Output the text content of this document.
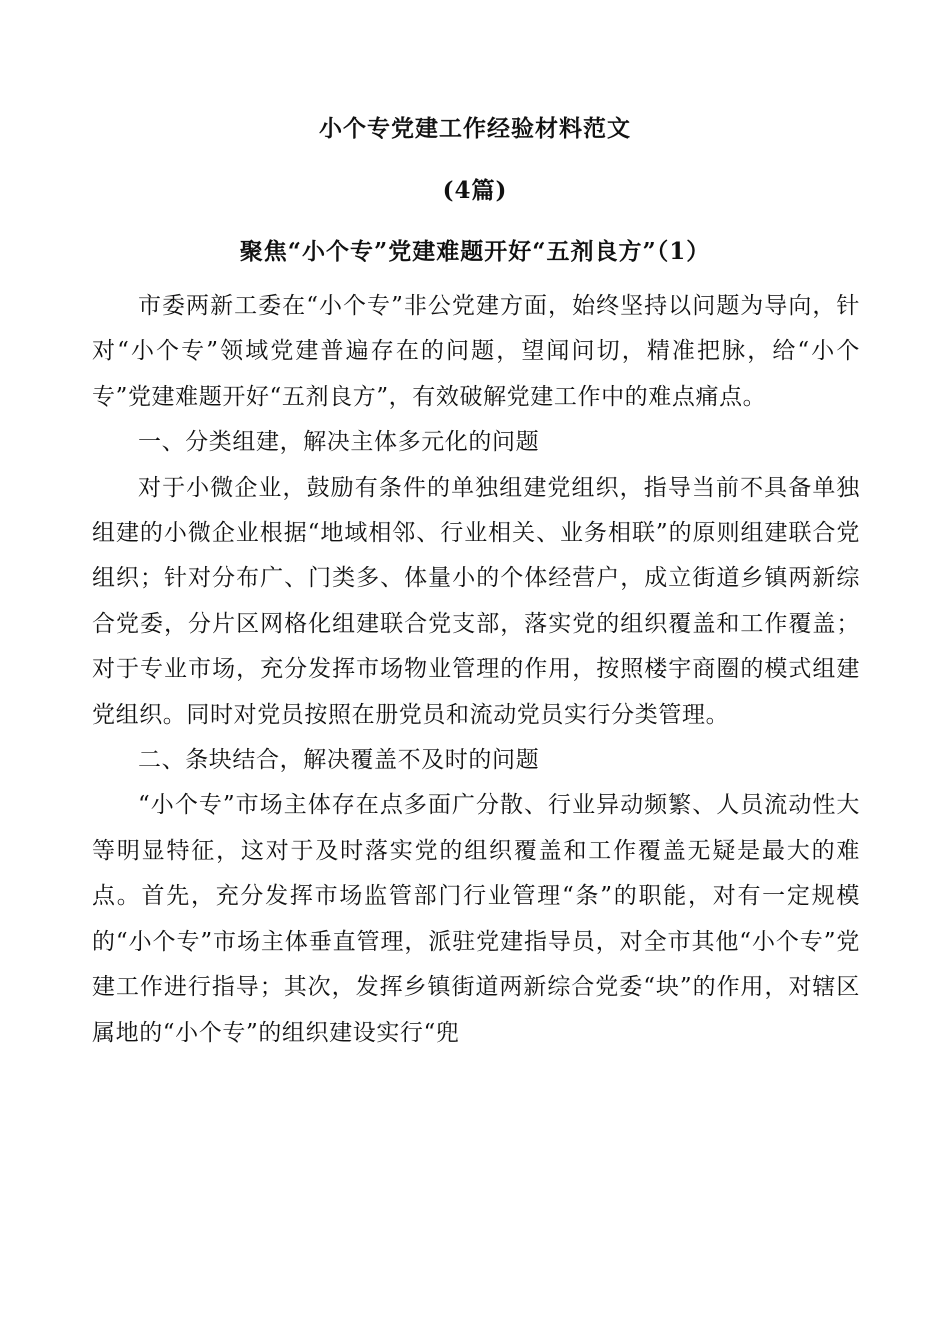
小个专党建工作经验材料范文
(4篇)
聚焦“小个专”党建难题开好“五剂良方”（1）

市委两新工委在“小个专”非公党建方面，始终坚持以问题为导向，针对“小个专”领域党建普遍存在的问题，望闻问切，精准把脉，给“小个专”党建难题开好“五剂良方”，有效破解党建工作中的难点痛点。

一、分类组建，解决主体多元化的问题

对于小微企业，鼓励有条件的单独组建党组织，指导当前不具备单独组建的小微企业根据“地域相邻、行业相关、业务相联”的原则组建联合党组织；针对分布广、门类多、体量小的个体经营户，成立街道乡镇两新综合党委，分片区网格化组建联合党支部，落实党的组织覆盖和工作覆盖；对于专业市场，充分发挥市场物业管理的作用，按照楼宇商圈的模式组建党组织。同时对党员按照在册党员和流动党员实行分类管理。

二、条块结合，解决覆盖不及时的问题

“小个专”市场主体存在点多面广分散、行业异动频繁、人员流动性大等明显特征，这对于及时落实党的组织覆盖和工作覆盖无疑是最大的难点。首先，充分发挥市场监管部门行业管理“条”的职能，对有一定规模的“小个专”市场主体垂直管理，派驻党建指导员，对全市其他“小个专”党建工作进行指导；其次，发挥乡镇街道两新综合党委“块”的作用，对辖区属地的“小个专”的组织建设实行“兜
